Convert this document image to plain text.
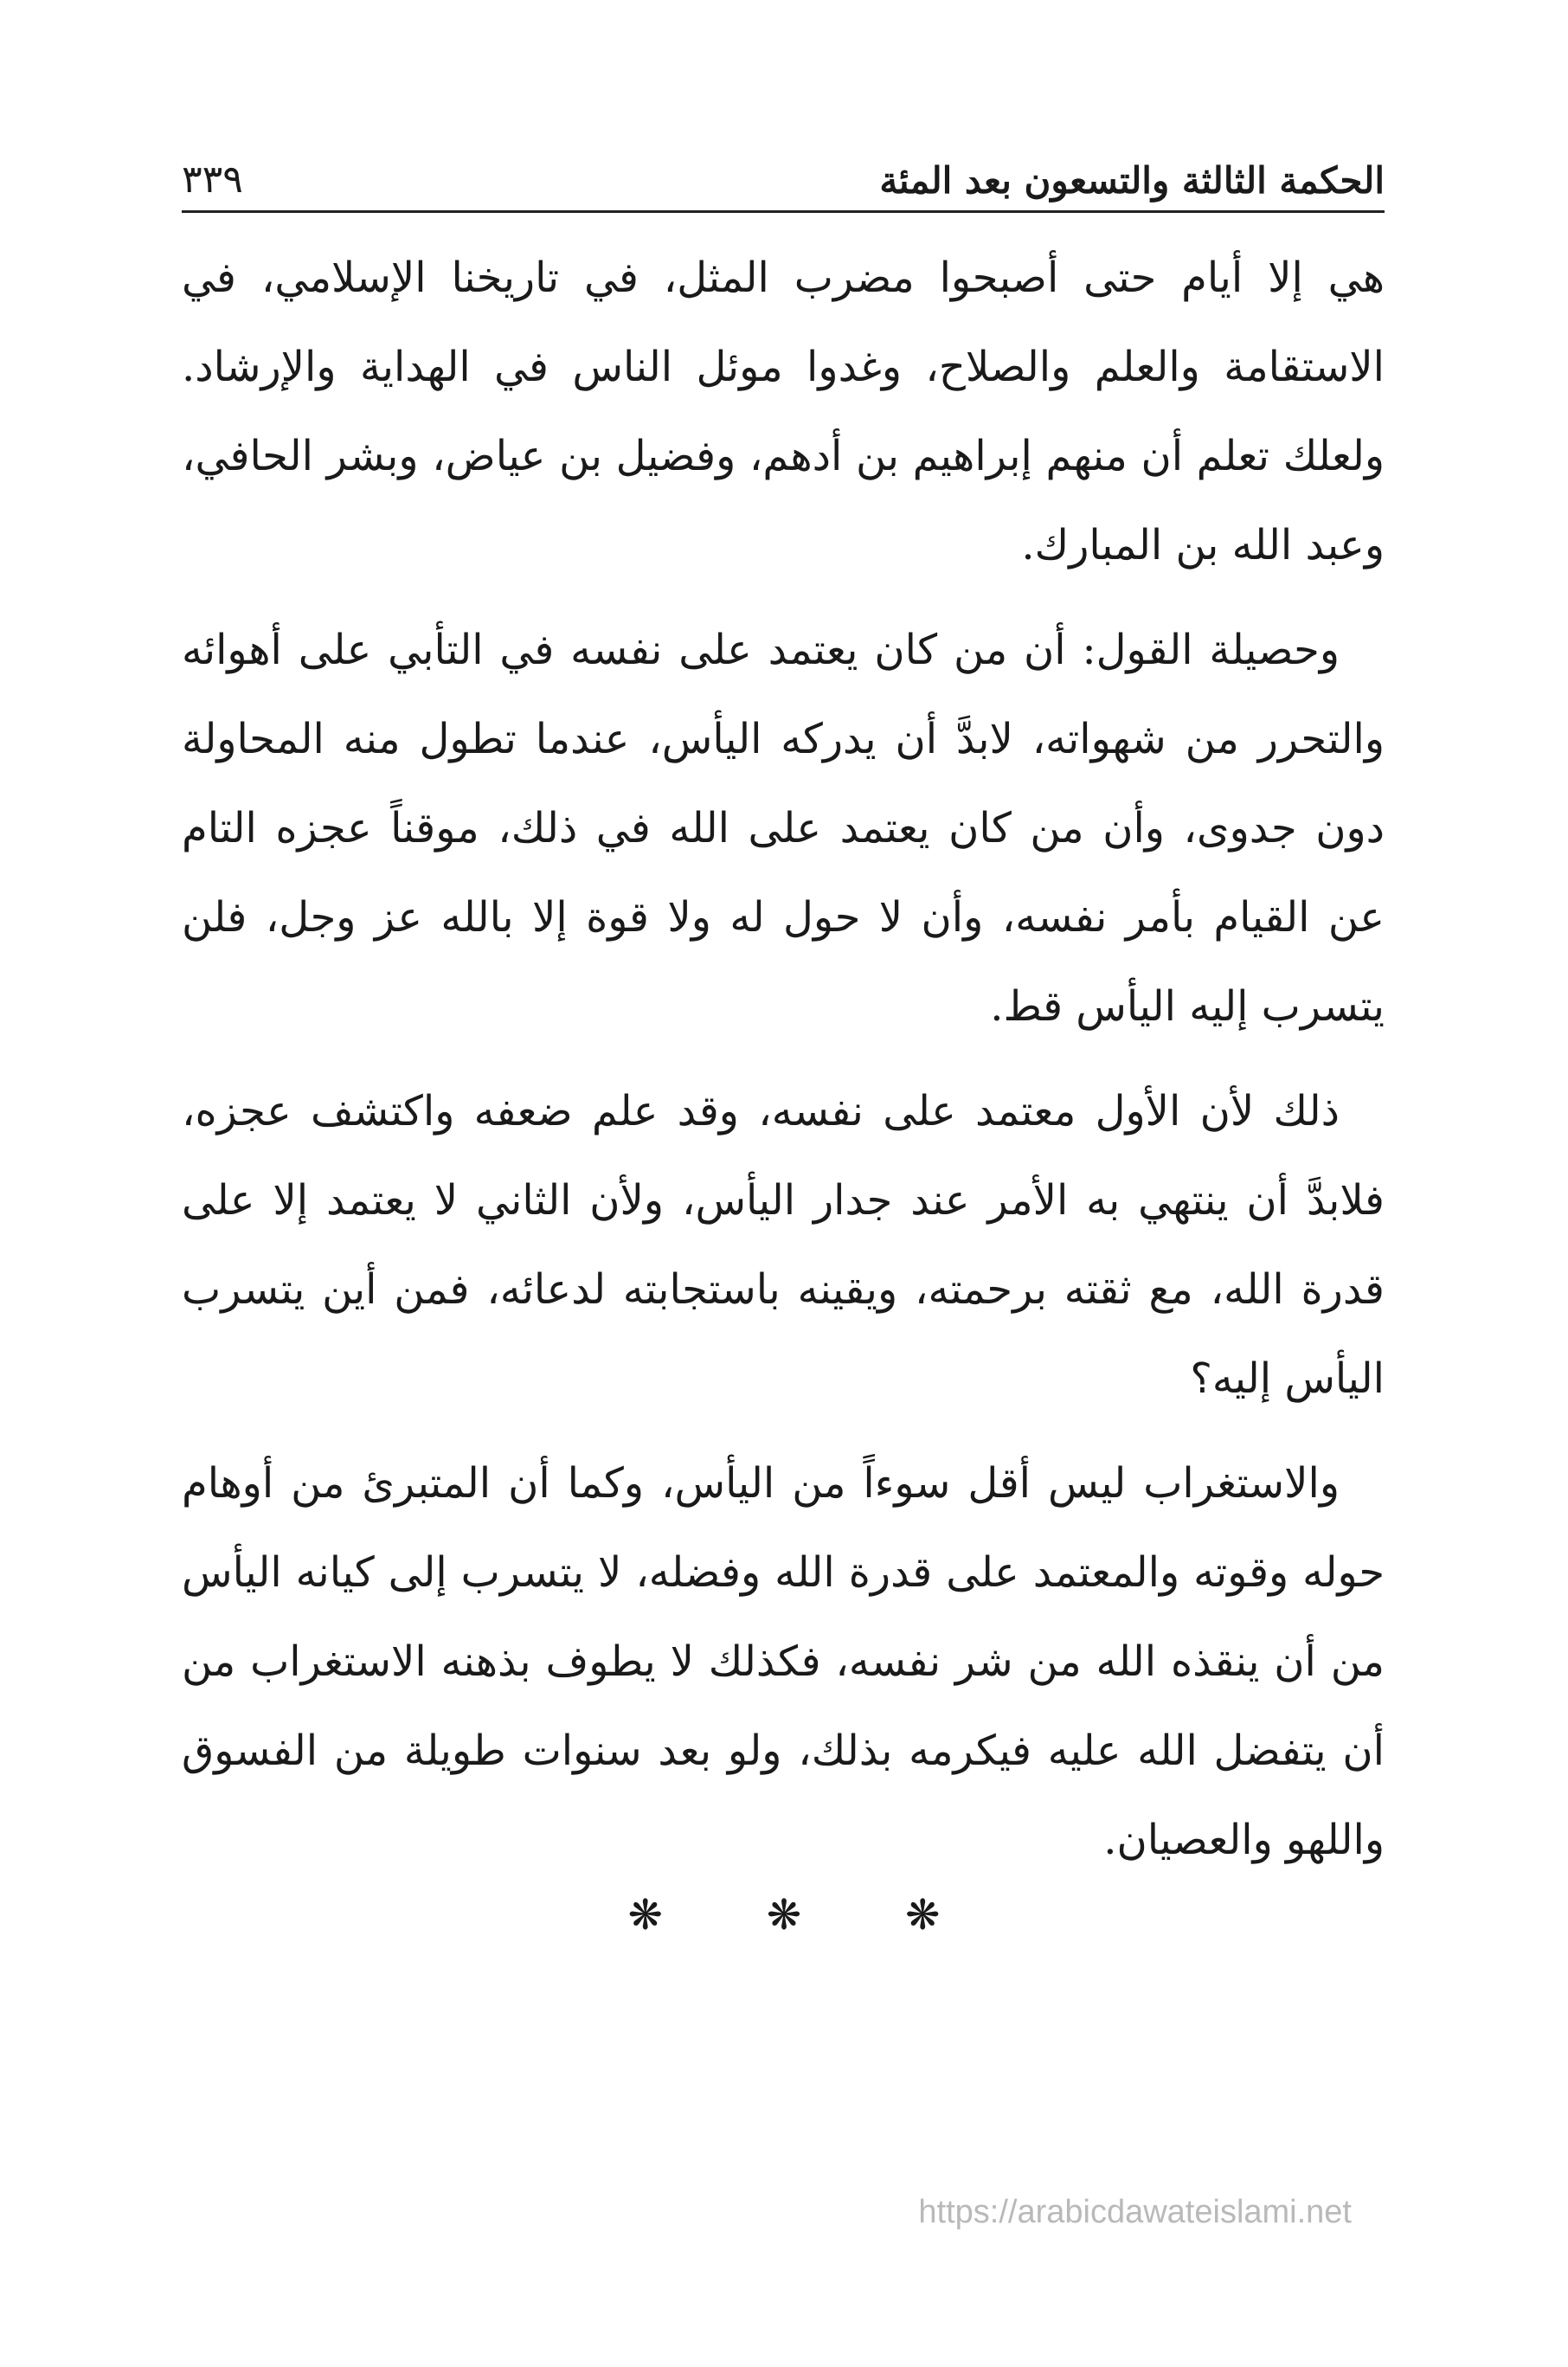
٣٣٩	الحكمة الثالثة والتسعون بعد المئة

هي إلا أيام حتى أصبحوا مضرب المثل، في تاريخنا الإسلامي، في الاستقامة والعلم والصلاح، وغدوا موئل الناس في الهداية والإرشاد. ولعلك تعلم أن منهم إبراهيم بن أدهم، وفضيل بن عياض، وبشر الحافي، وعبد الله بن المبارك.

وحصيلة القول: أن من كان يعتمد على نفسه في التأبي على أهوائه والتحرر من شهواته، لابدَّ أن يدركه اليأس، عندما تطول منه المحاولة دون جدوى، وأن من كان يعتمد على الله في ذلك، موقناً عجزه التام عن القيام بأمر نفسه، وأن لا حول له ولا قوة إلا بالله عز وجل، فلن يتسرب إليه اليأس قط.

ذلك لأن الأول معتمد على نفسه، وقد علم ضعفه واكتشف عجزه، فلابدَّ أن ينتهي به الأمر عند جدار اليأس، ولأن الثاني لا يعتمد إلا على قدرة الله، مع ثقته برحمته، ويقينه باستجابته لدعائه، فمن أين يتسرب اليأس إليه؟

والاستغراب ليس أقل سوءاً من اليأس، وكما أن المتبرئ من أوهام حوله وقوته والمعتمد على قدرة الله وفضله، لا يتسرب إلى كيانه اليأس من أن ينقذه الله من شر نفسه، فكذلك لا يطوف بذهنه الاستغراب من أن يتفضل الله عليه فيكرمه بذلك، ولو بعد سنوات طويلة من الفسوق واللهو والعصيان.

❋
❋
❋
https://arabicdawateislami.net
